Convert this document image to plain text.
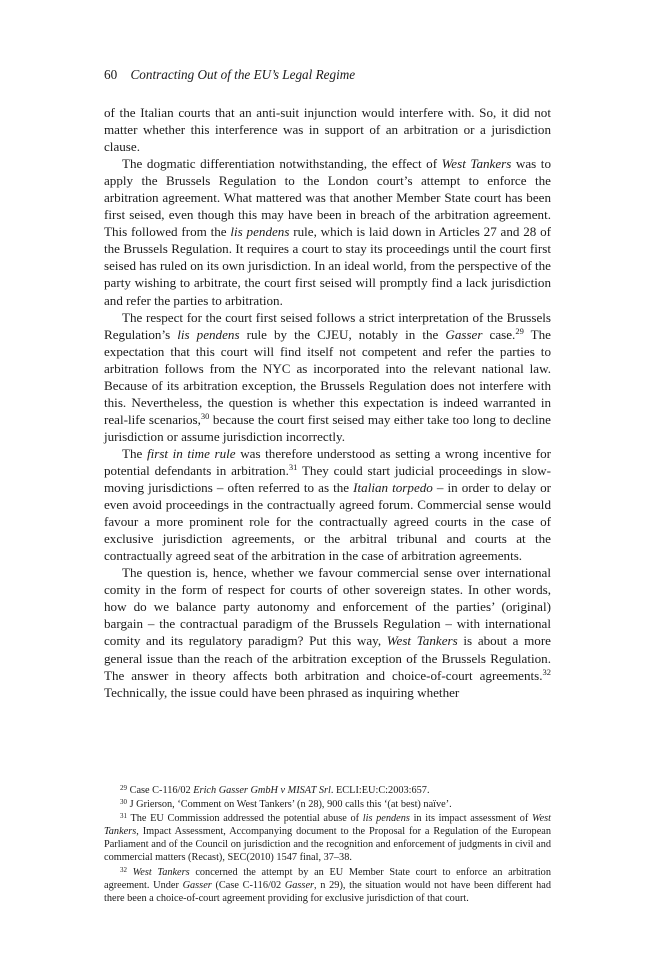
60 Contracting Out of the EU’s Legal Regime

of the Italian courts that an anti-suit injunction would interfere with. So, it did not matter whether this interference was in support of an arbitration or a jurisdiction clause.

The dogmatic differentiation notwithstanding, the effect of West Tankers was to apply the Brussels Regulation to the London court’s attempt to enforce the arbitration agreement. What mattered was that another Member State court has been first seised, even though this may have been in breach of the arbitration agreement. This followed from the lis pendens rule, which is laid down in Articles 27 and 28 of the Brussels Regulation. It requires a court to stay its proceedings until the court first seised has ruled on its own jurisdiction. In an ideal world, from the perspective of the party wishing to arbitrate, the court first seised will promptly find a lack jurisdiction and refer the parties to arbitration.

The respect for the court first seised follows a strict interpretation of the Brussels Regulation’s lis pendens rule by the CJEU, notably in the Gasser case.$^{29}$ The expectation that this court will find itself not competent and refer the parties to arbitration follows from the NYC as incorporated into the relevant national law. Because of its arbitration exception, the Brussels Regulation does not interfere with this. Nevertheless, the question is whether this expectation is indeed warranted in real-life scenarios,$^{30}$ because the court first seised may either take too long to decline jurisdiction or assume jurisdiction incorrectly.

The first in time rule was therefore understood as setting a wrong incentive for potential defendants in arbitration.$^{31}$ They could start judicial proceedings in slow-moving jurisdictions – often referred to as the Italian torpedo – in order to delay or even avoid proceedings in the contractually agreed forum. Commercial sense would favour a more prominent role for the contractually agreed courts in the case of exclusive jurisdiction agreements, or the arbitral tribunal and courts at the contractually agreed seat of the arbitration in the case of arbitration agreements.

The question is, hence, whether we favour commercial sense over international comity in the form of respect for courts of other sovereign states. In other words, how do we balance party autonomy and enforcement of the parties’ (original) bargain – the contractual paradigm of the Brussels Regulation – with international comity and its regulatory paradigm? Put this way, West Tankers is about a more general issue than the reach of the arbitration exception of the Brussels Regulation. The answer in theory affects both arbitration and choice-of-court agreements.$^{32}$ Technically, the issue could have been phrased as inquiring whether

$^{29}$ Case C-116/02 Erich Gasser GmbH v MISAT Srl. ECLI:EU:C:2003:657.

$^{30}$ J Grierson, ‘Comment on West Tankers’ (n 28), 900 calls this ‘(at best) naïve’.

$^{31}$ The EU Commission addressed the potential abuse of lis pendens in its impact assessment of West Tankers, Impact Assessment, Accompanying document to the Proposal for a Regulation of the European Parliament and of the Council on jurisdiction and the recognition and enforcement of judgments in civil and commercial matters (Recast), SEC(2010) 1547 final, 37–38.

$^{32}$ West Tankers concerned the attempt by an EU Member State court to enforce an arbitration agreement. Under Gasser (Case C-116/02 Gasser, n 29), the situation would not have been different had there been a choice-of-court agreement providing for exclusive jurisdiction of that court.
